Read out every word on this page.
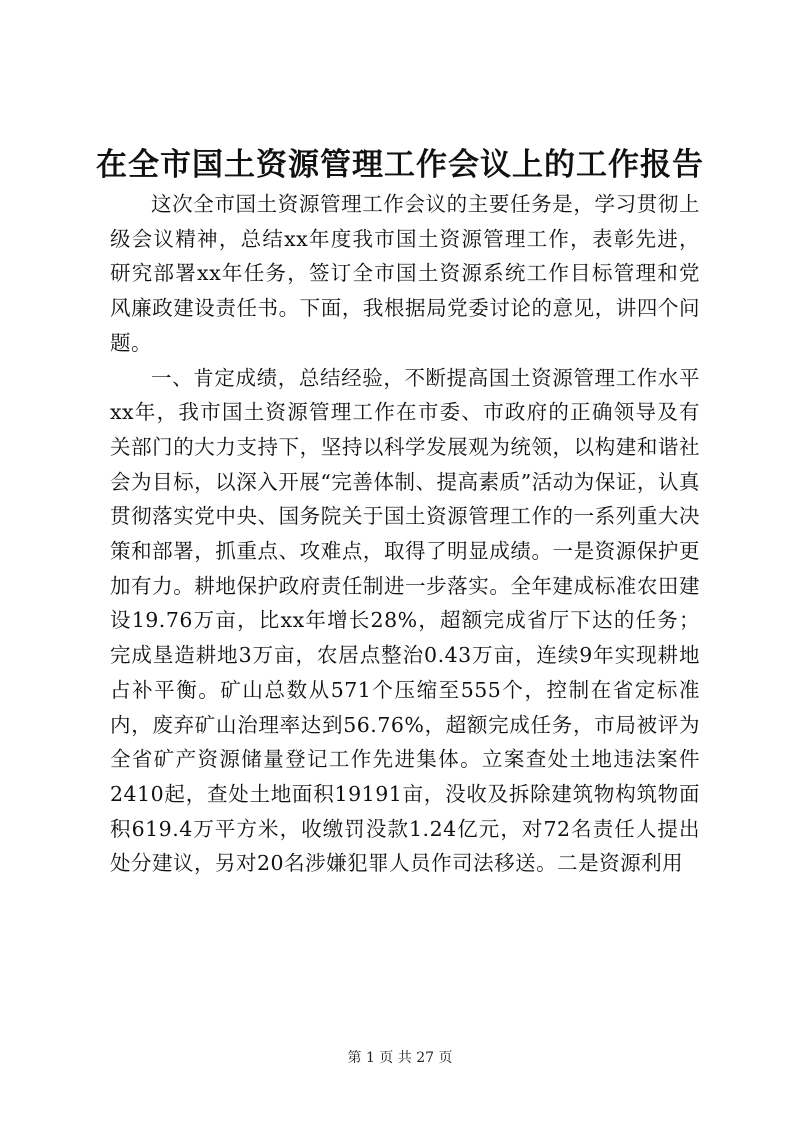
在全市国土资源管理工作会议上的工作报告

这次全市国土资源管理工作会议的主要任务是，学习贯彻上级会议精神，总结xx年度我市国土资源管理工作，表彰先进，研究部署xx年任务，签订全市国土资源系统工作目标管理和党风廉政建设责任书。下面，我根据局党委讨论的意见，讲四个问题。

一、肯定成绩，总结经验，不断提高国土资源管理工作水平xx年，我市国土资源管理工作在市委、市政府的正确领导及有关部门的大力支持下，坚持以科学发展观为统领，以构建和谐社会为目标，以深入开展“完善体制、提高素质”活动为保证，认真贯彻落实党中央、国务院关于国土资源管理工作的一系列重大决策和部署，抓重点、攻难点，取得了明显成绩。一是资源保护更加有力。耕地保护政府责任制进一步落实。全年建成标准农田建设19.76万亩，比xx年增长28%，超额完成省厅下达的任务；完成垦造耕地3万亩，农居点整治0.43万亩，连续9年实现耕地占补平衡。矿山总数从571个压缩至555个，控制在省定标准内，废弃矿山治理率达到56.76%，超额完成任务，市局被评为全省矿产资源储量登记工作先进集体。立案查处土地违法案件2410起，查处土地面积19191亩，没收及拆除建筑物构筑物面积619.4万平方米，收缴罚没款1.24亿元，对72名责任人提出处分建议，另对20名涉嫌犯罪人员作司法移送。二是资源利用

第 1 页 共 27 页
